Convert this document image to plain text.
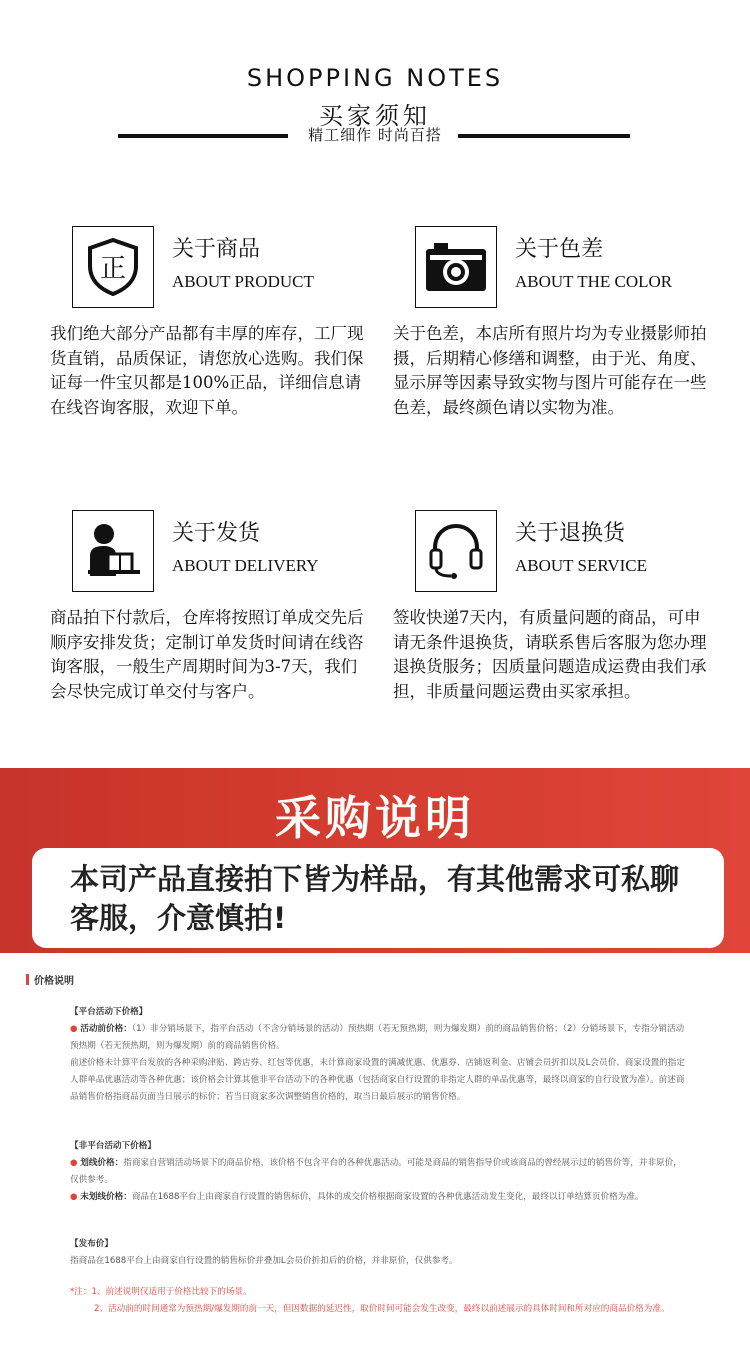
SHOPPING NOTES
买家须知
精工细作 时尚百搭
正
关于商品
ABOUT PRODUCT
我们绝大部分产品都有丰厚的库存，工厂现货直销，品质保证，请您放心选购。我们保证每一件宝贝都是100%正品，详细信息请在线咨询客服，欢迎下单。
关于色差
ABOUT THE COLOR
关于色差，本店所有照片均为专业摄影师拍摄，后期精心修缮和调整，由于光、角度、显示屏等因素导致实物与图片可能存在一些色差，最终颜色请以实物为准。
关于发货
ABOUT DELIVERY
商品拍下付款后，仓库将按照订单成交先后顺序安排发货；定制订单发货时间请在线咨询客服，一般生产周期时间为3-7天，我们会尽快完成订单交付与客户。
关于退换货
ABOUT SERVICE
签收快递7天内，有质量问题的商品，可申请无条件退换货，请联系售后客服为您办理退换货服务；因质量问题造成运费由我们承担，非质量问题运费由买家承担。
采购说明
本司产品直接拍下皆为样品，有其他需求可私聊客服，介意慎拍!
价格说明
【平台活动下价格】
● 活动前价格：（1）非分销场景下，指平台活动（不含分销场景的活动）预热期（若无预热期，则为爆发期）前的商品销售价格；（2）分销场景下，专指分销活动预热期（若无预热期，则为爆发期）前的商品销售价格。
前述价格未计算平台发放的各种采购津贴、跨店券、红包等优惠，未计算商家设置的满减优惠、优惠券、店铺返利金、店铺会员折扣以及L会员价、商家设置的指定人群单品优惠活动等各种优惠；该价格会计算其他非平台活动下的各种优惠（包括商家自行设置的非指定人群的单品优惠等，最终以商家的自行设置为准）。前述商品销售价格指商品页面当日展示的标价；若当日商家多次调整销售价格的，取当日最后展示的销售价格。
【非平台活动下价格】
● 划线价格：指商家自营销活动场景下的商品价格，该价格不包含平台的各种优惠活动。可能是商品的销售指导价或该商品的曾经展示过的销售价等，并非原价，仅供参考。
● 未划线价格：商品在1688平台上由商家自行设置的销售标价，具体的成交价格根据商家设置的各种优惠活动发生变化，最终以订单结算页价格为准。
【发布价】
指商品在1688平台上由商家自行设置的销售标价并叠加L会员价折扣后的价格，并非原价，仅供参考。
*注：1、前述说明仅适用于价格比较下的场景。
2、活动前的时间通常为预热期/爆发期的前一天，但因数据的延迟性，取价时间可能会发生改变，最终以前述展示的具体时间和所对应的商品价格为准。
